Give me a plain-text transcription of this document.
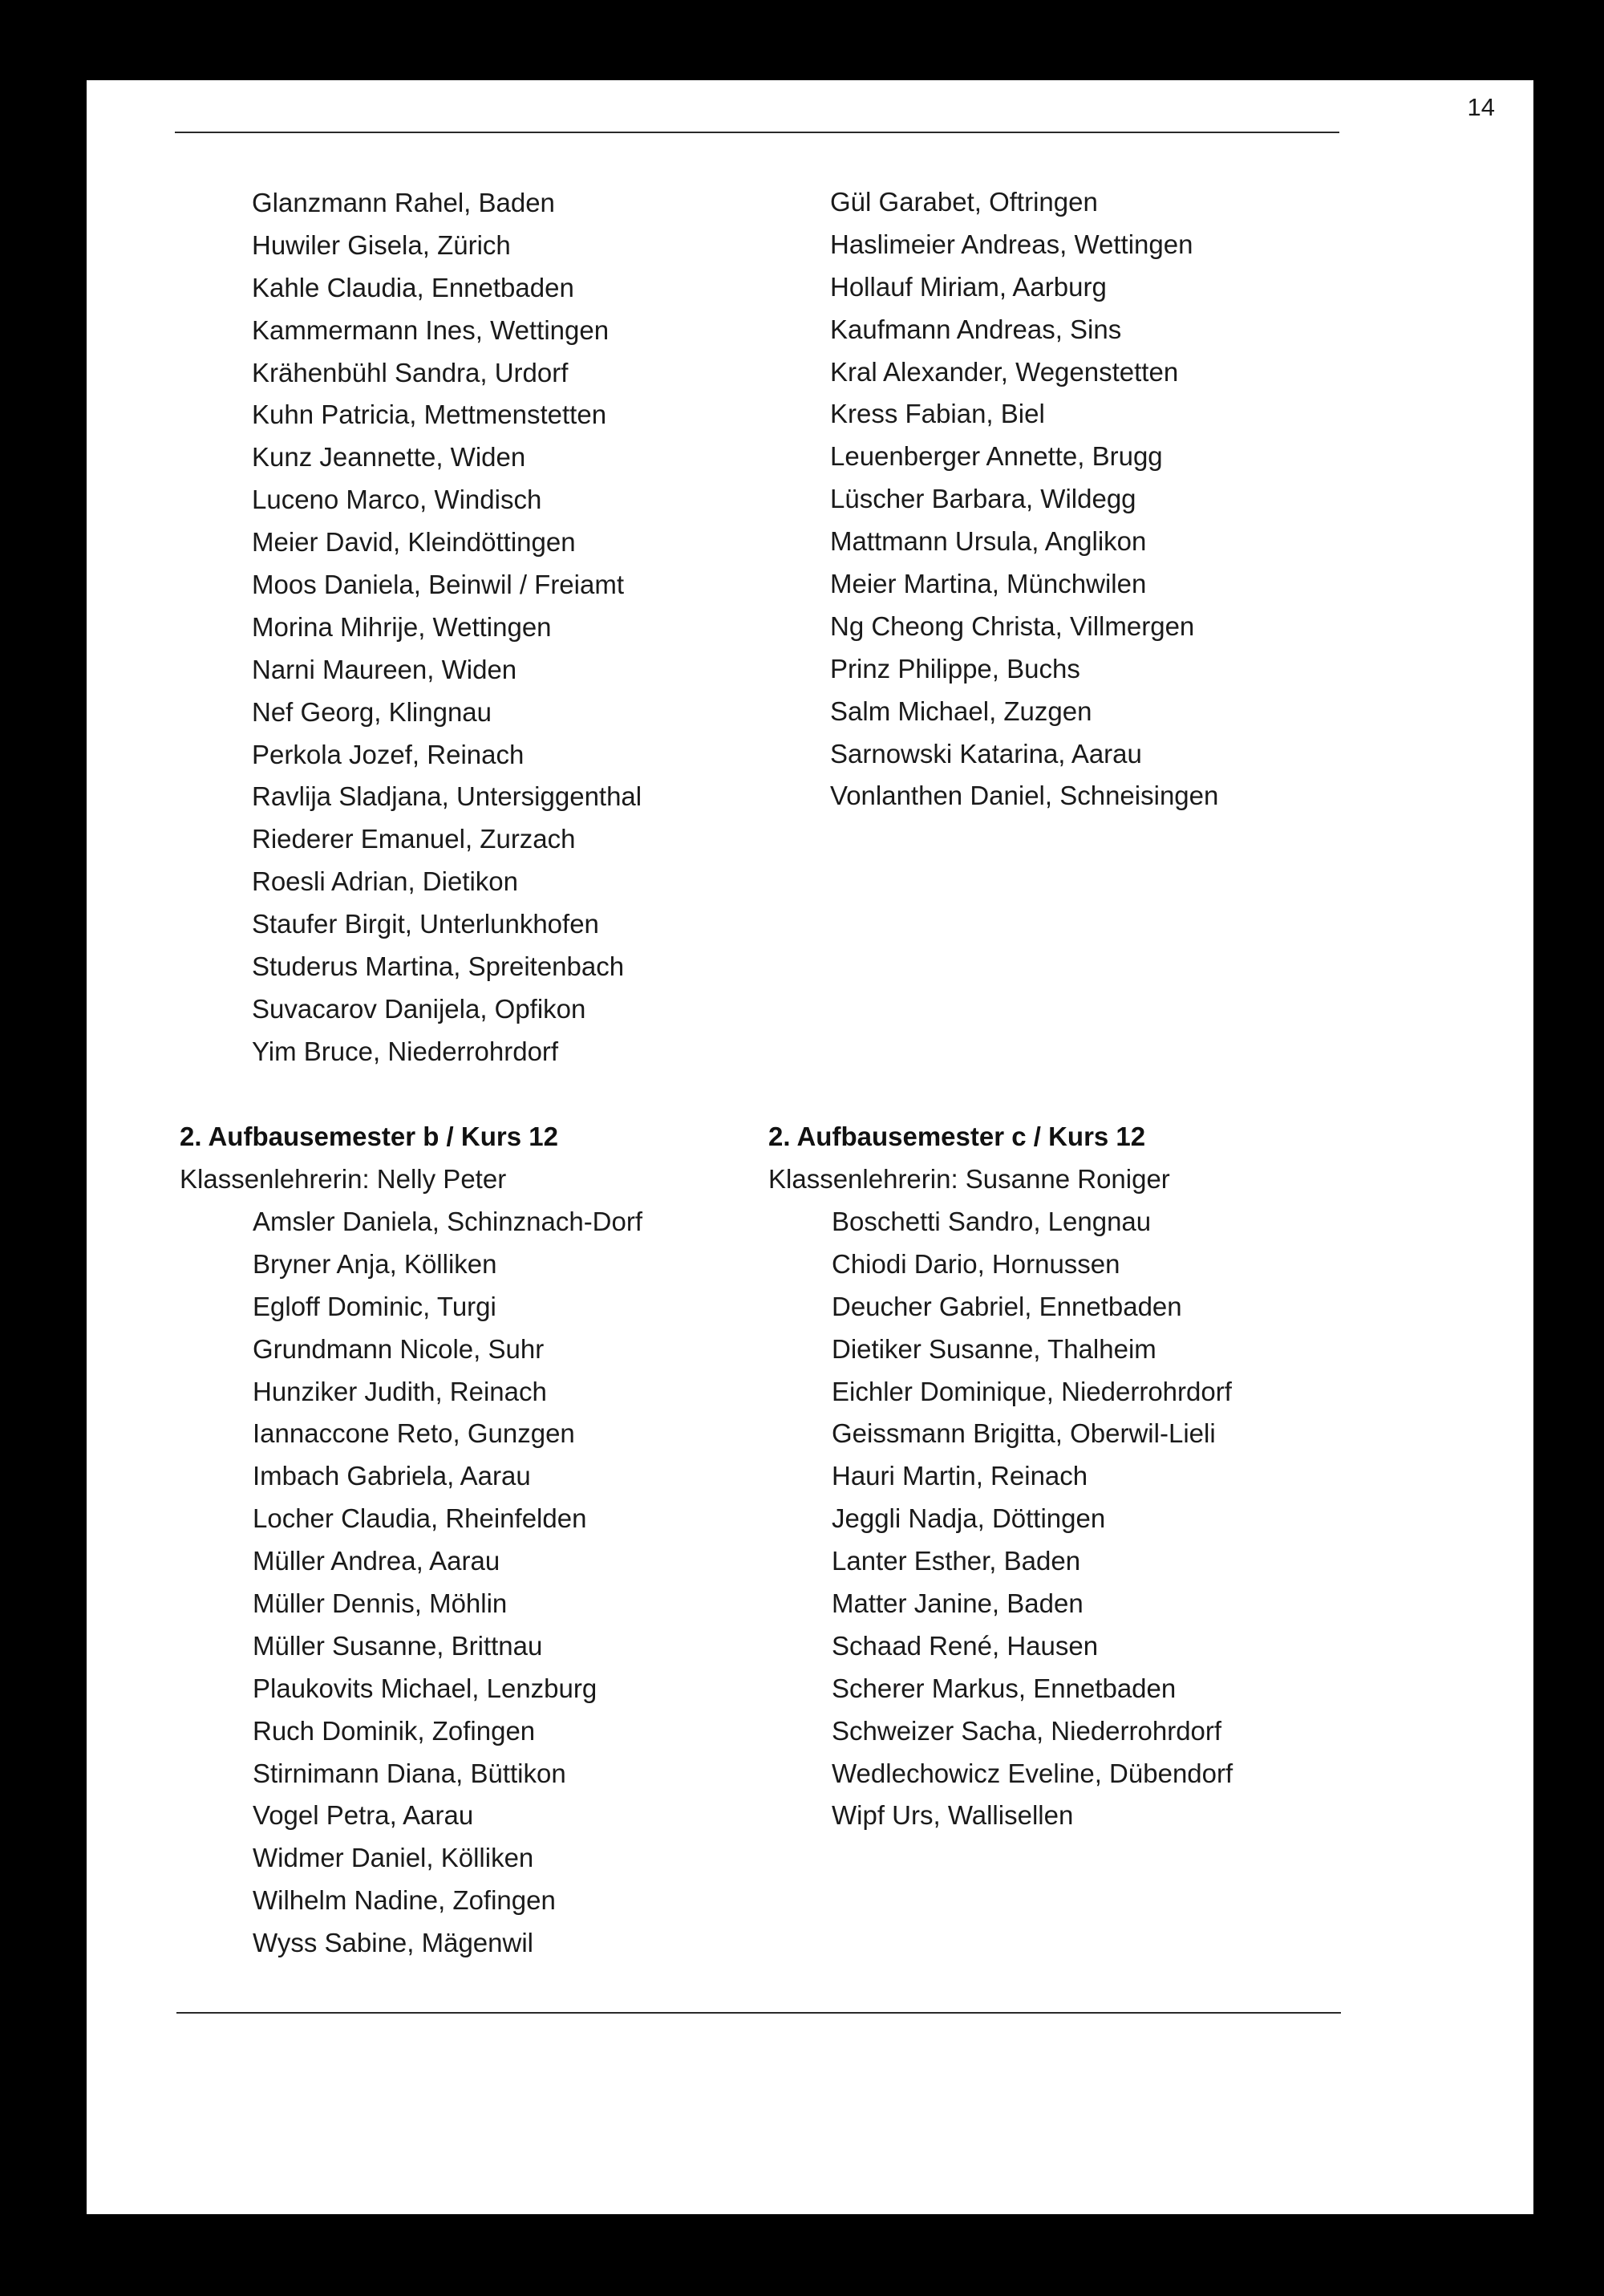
14
Glanzmann Rahel, Baden
Huwiler Gisela, Zürich
Kahle Claudia, Ennetbaden
Kammermann Ines, Wettingen
Krähenbühl Sandra, Urdorf
Kuhn Patricia, Mettmenstetten
Kunz Jeannette, Widen
Luceno Marco, Windisch
Meier David, Kleindöttingen
Moos Daniela, Beinwil / Freiamt
Morina Mihrije, Wettingen
Narni Maureen, Widen
Nef Georg, Klingnau
Perkola Jozef, Reinach
Ravlija Sladjana, Untersiggenthal
Riederer Emanuel, Zurzach
Roesli Adrian, Dietikon
Staufer Birgit, Unterlunkhofen
Studerus Martina, Spreitenbach
Suvacarov Danijela, Opfikon
Yim Bruce, Niederrohrdorf
Gül Garabet, Oftringen
Haslimeier Andreas, Wettingen
Hollauf Miriam, Aarburg
Kaufmann Andreas, Sins
Kral Alexander, Wegenstetten
Kress Fabian, Biel
Leuenberger Annette, Brugg
Lüscher Barbara, Wildegg
Mattmann Ursula, Anglikon
Meier Martina, Münchwilen
Ng Cheong Christa, Villmergen
Prinz Philippe, Buchs
Salm Michael, Zuzgen
Sarnowski Katarina, Aarau
Vonlanthen Daniel, Schneisingen
2. Aufbausemester b / Kurs 12
Klassenlehrerin: Nelly Peter
Amsler Daniela, Schinznach-Dorf
Bryner Anja, Kölliken
Egloff Dominic, Turgi
Grundmann Nicole, Suhr
Hunziker Judith, Reinach
Iannaccone Reto, Gunzgen
Imbach Gabriela, Aarau
Locher Claudia, Rheinfelden
Müller Andrea, Aarau
Müller Dennis, Möhlin
Müller Susanne, Brittnau
Plaukovits Michael, Lenzburg
Ruch Dominik, Zofingen
Stirnimann Diana, Büttikon
Vogel Petra, Aarau
Widmer Daniel, Kölliken
Wilhelm Nadine, Zofingen
Wyss Sabine, Mägenwil
2. Aufbausemester c / Kurs 12
Klassenlehrerin: Susanne Roniger
Boschetti Sandro, Lengnau
Chiodi Dario, Hornussen
Deucher Gabriel, Ennetbaden
Dietiker Susanne, Thalheim
Eichler Dominique, Niederrohrdorf
Geissmann Brigitta, Oberwil-Lieli
Hauri Martin, Reinach
Jeggli Nadja, Döttingen
Lanter Esther, Baden
Matter Janine, Baden
Schaad René, Hausen
Scherer Markus, Ennetbaden
Schweizer Sacha, Niederrohrdorf
Wedlechowicz Eveline, Dübendorf
Wipf Urs, Wallisellen
